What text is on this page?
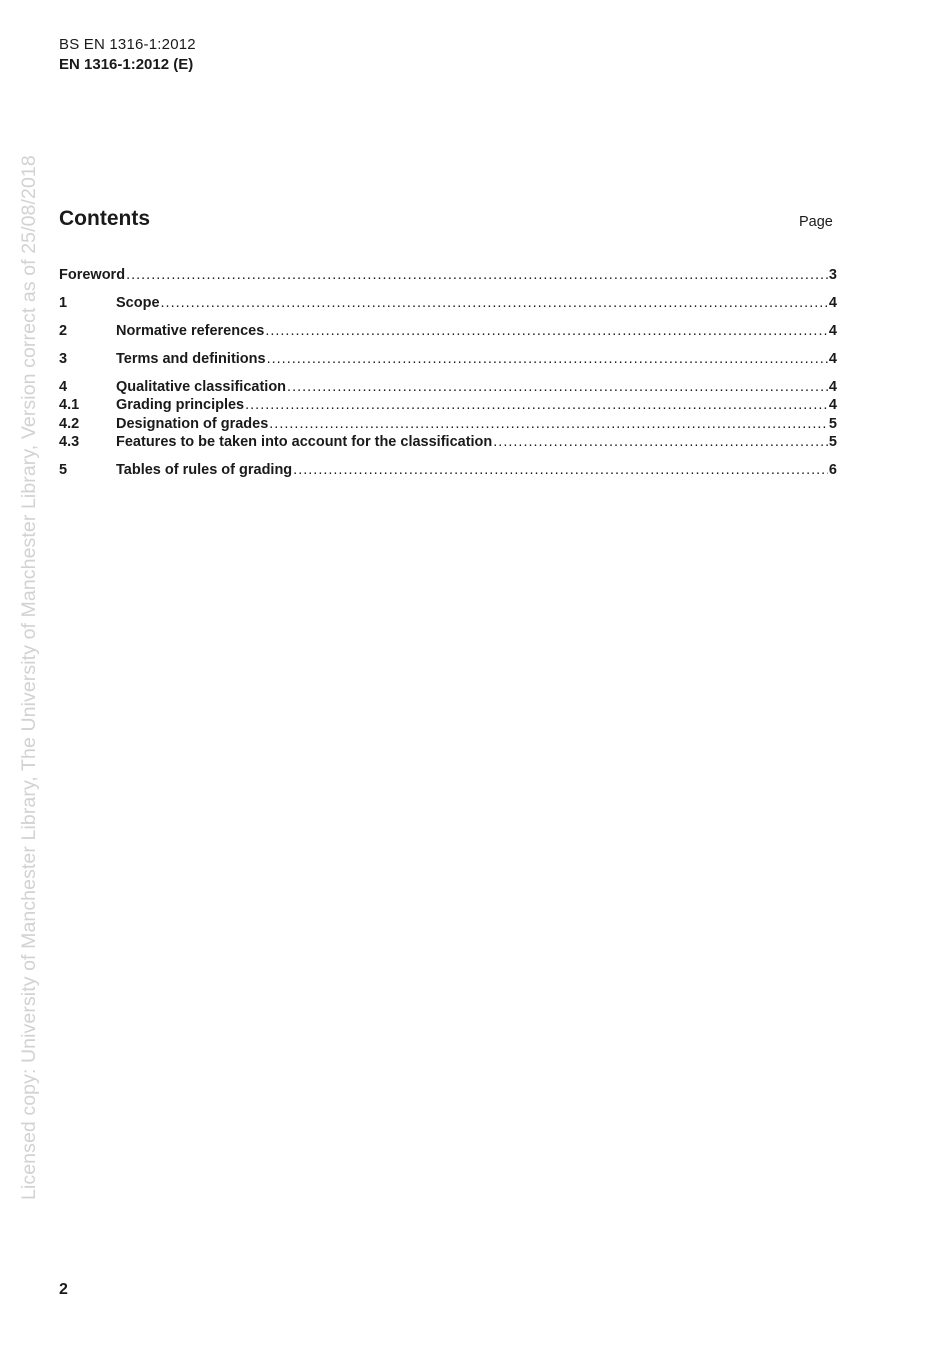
BS EN 1316-1:2012
EN 1316-1:2012 (E)
Licensed copy: University of Manchester Library, The University of Manchester Library, Version correct as of 25/08/2018 Contents	Page
Foreword .....	3
1	Scope .....	4
2	Normative references .....	4
3	Terms and definitions .....	4
4	Qualitative classification .....	4
4.1	Grading principles .....	4
4.2	Designation of grades .....	5
4.3	Features to be taken into account for the classification .....	5
5	Tables of rules of grading .....	6
2
